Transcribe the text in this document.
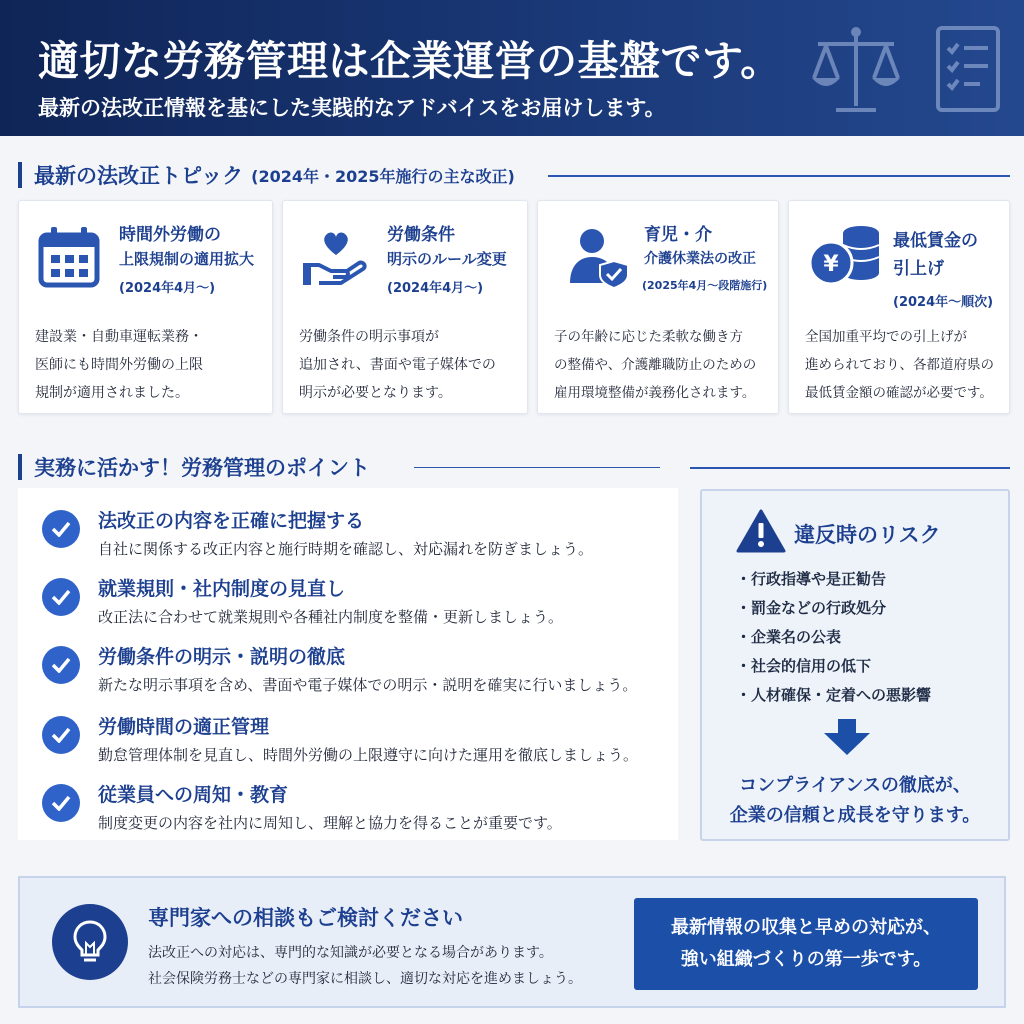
適切な労務管理は企業運営の基盤です。
最新の法改正情報を基にした実践的なアドバイスをお届けします。
最新の法改正トピック (2024年・2025年施行の主な改正)
時間外労働の
上限規制の適用拡大
(2024年4月〜)
建設業・自動車運転業務・
医師にも時間外労働の上限
規制が適用されました。
労働条件
明示のルール変更
(2024年4月〜)
労働条件の明示事項が
追加され、書面や電子媒体での
明示が必要となります。
育児・介
介護休業法の改正
(2025年4月〜段階施行)
子の年齢に応じた柔軟な働き方
の整備や、介護離職防止のための
雇用環境整備が義務化されます。
¥
最低賃金の
引上げ
(2024年〜順次)
全国加重平均での引上げが
進められており、各都道府県の
最低賃金額の確認が必要です。
実務に活かす！労務管理のポイント
法改正の内容を正確に把握する
自社に関係する改正内容と施行時期を確認し、対応漏れを防ぎましょう。
就業規則・社内制度の見直し
改正法に合わせて就業規則や各種社内制度を整備・更新しましょう。
労働条件の明示・説明の徹底
新たな明示事項を含め、書面や電子媒体での明示・説明を確実に行いましょう。
労働時間の適正管理
勤怠管理体制を見直し、時間外労働の上限遵守に向けた運用を徹底しましょう。
従業員への周知・教育
制度変更の内容を社内に周知し、理解と協力を得ることが重要です。
違反時のリスク
・ 行政指導や是正勧告
・ 罰金などの行政処分
・ 企業名の公表
・ 社会的信用の低下
・ 人材確保・定着への悪影響
コンプライアンスの徹底が、
企業の信頼と成長を守ります。
専門家への相談もご検討ください
法改正への対応は、専門的な知識が必要となる場合があります。
社会保険労務士などの専門家に相談し、適切な対応を進めましょう。
最新情報の収集と早めの対応が、
強い組織づくりの第一歩です。
